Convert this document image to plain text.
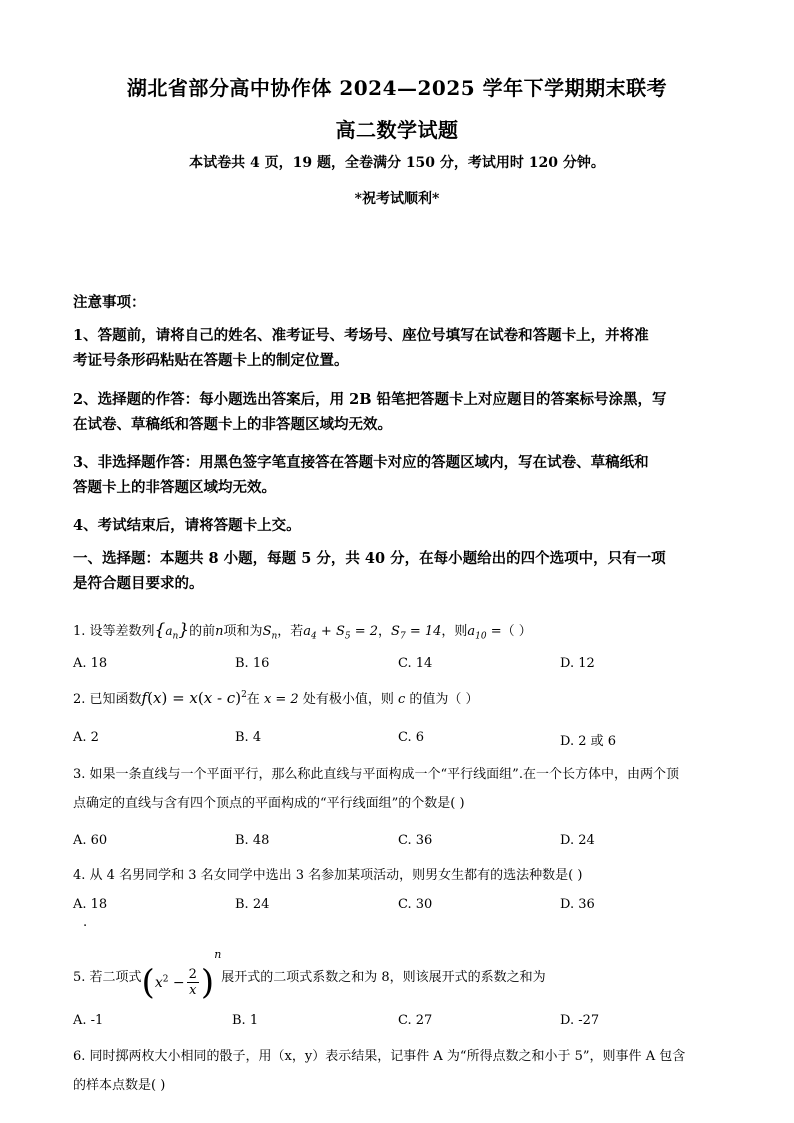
湖北省部分高中协作体 2024—2025 学年下学期期末联考
高二数学试题
本试卷共 4 页，19 题，全卷满分 150 分，考试用时 120 分钟。
*祝考试顺利*
注意事项：
1、答题前，请将自己的姓名、准考证号、考场号、座位号填写在试卷和答题卡上，并将准
考证号条形码粘贴在答题卡上的制定位置。
2、选择题的作答：每小题选出答案后，用 2B 铅笔把答题卡上对应题目的答案标号涂黑，写
在试卷、草稿纸和答题卡上的非答题区域均无效。
3、非选择题作答：用黑色签字笔直接答在答题卡对应的答题区域内，写在试卷、草稿纸和
答题卡上的非答题区域均无效。
4、考试结束后，请将答题卡上交。
一、选择题：本题共 8 小题，每题 5 分，共 40 分，在每小题给出的四个选项中，只有一项
是符合题目要求的。
1. 设等差数列$\{a_n\}$的前n项和为$S_n$，若$a_4 + S_5 = 2$，$S_7 = 14$，则$a_{10}$ =（ ）
A. 18	B. 16	C. 14	D. 12
2. 已知函数f(x) = x(x - c)$^2$在 x = 2 处有极小值，则 c 的值为（ ）
A. 2	B. 4	C. 6	D. 2 或 6
3. 如果一条直线与一个平面平行，那么称此直线与平面构成一个“平行线面组”.在一个长方体中，由两个顶
点确定的直线与含有四个顶点的平面构成的“平行线面组”的个数是( )
A. 60	B. 48	C. 36	D. 24
4. 从 4 名男同学和 3 名女同学中选出 3 名参加某项活动，则男女生都有的选法种数是( )
A. 18	B. 24	C. 30	D. 36
.
5. 若二项式$(x^2 - \frac{2}{x} )^n$展开式的二项式系数之和为 8，则该展开式的系数之和为
A. -1	B. 1	C. 27	D. -27
6. 同时掷两枚大小相同的骰子，用（x，y）表示结果，记事件 A 为“所得点数之和小于 5”，则事件 A 包含
的样本点数是( )
